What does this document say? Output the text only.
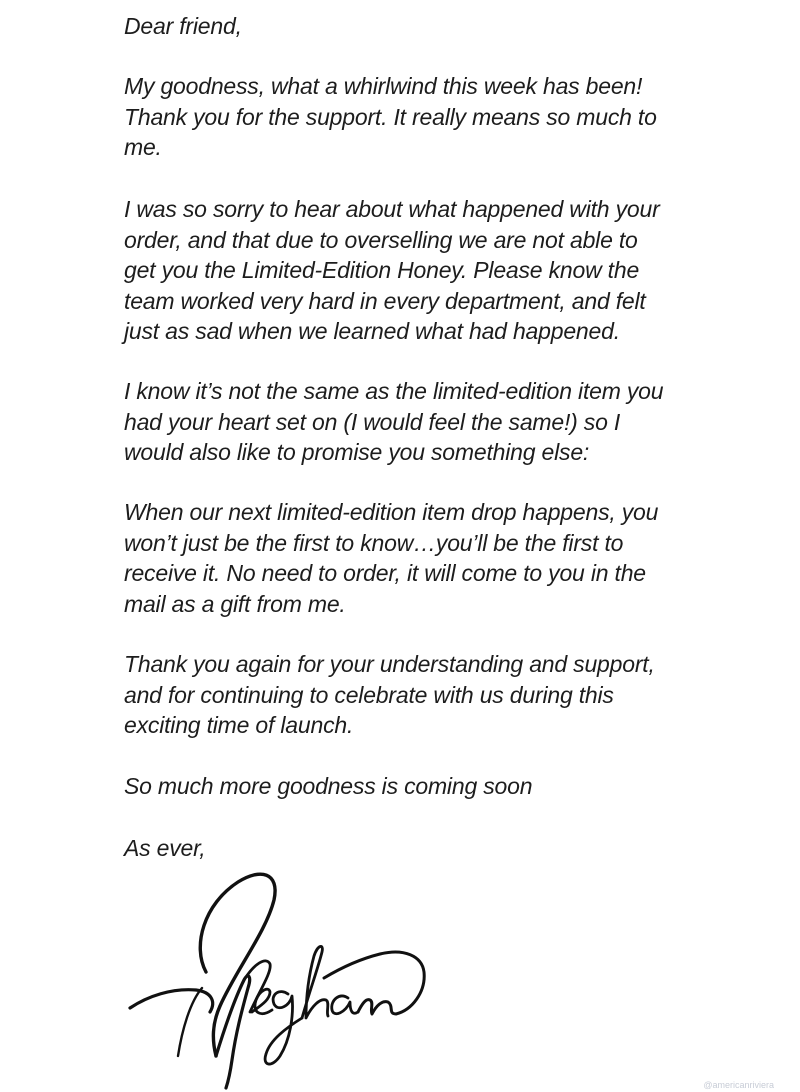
Dear friend,
My goodness, what a whirlwind this week has been!
Thank you for the support. It really means so much to
me.
I was so sorry to hear about what happened with your
order, and that due to overselling we are not able to
get you the Limited-Edition Honey. Please know the
team worked very hard in every department, and felt
just as sad when we learned what had happened.
I know it’s not the same as the limited-edition item you
had your heart set on (I would feel the same!) so I
would also like to promise you something else:
When our next limited-edition item drop happens, you
won’t just be the first to know…you’ll be the first to
receive it. No need to order, it will come to you in the
mail as a gift from me.
Thank you again for your understanding and support,
and for continuing to celebrate with us during this
exciting time of launch.
So much more goodness is coming soon
As ever,
@americanriviera
